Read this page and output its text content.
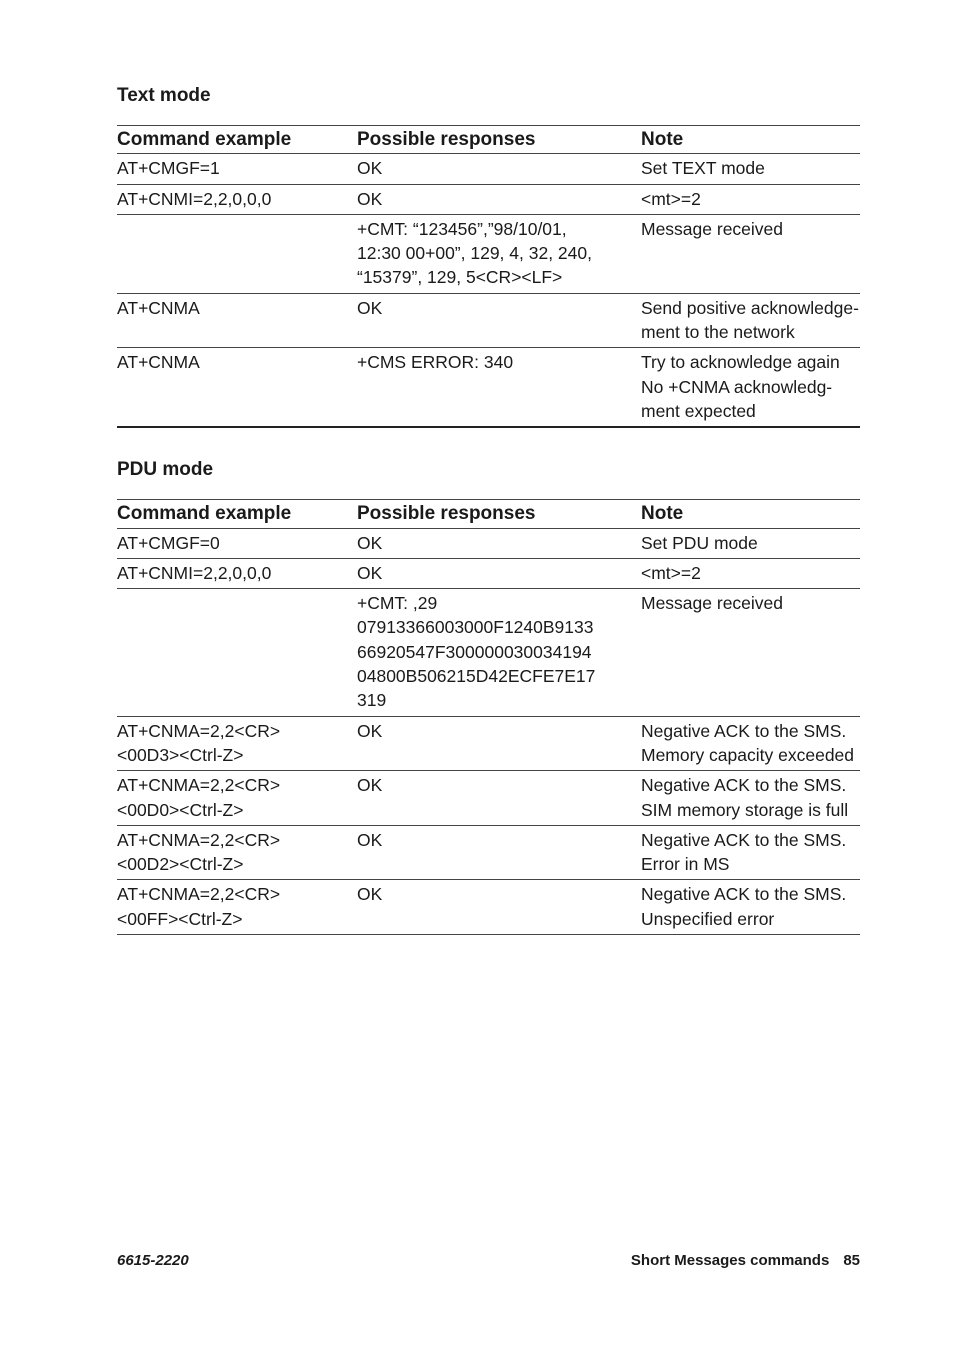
Text mode
Command example	Possible responses	Note
AT+CMGF=1	OK	Set TEXT mode
AT+CNMI=2,2,0,0,0	OK	<mt>=2
	+CMT: “123456”,”98/10/01,
12:30 00+00”, 129, 4, 32, 240,
“15379”, 129, 5<CR><LF>	Message received
AT+CNMA	OK	Send positive acknowledge-
ment to the network
AT+CNMA	+CMS ERROR: 340	Try to acknowledge again
No +CNMA acknowledg-
ment expected
PDU mode
Command example	Possible responses	Note
AT+CMGF=0	OK	Set PDU mode
AT+CNMI=2,2,0,0,0	OK	<mt>=2
	+CMT: ,29
07913366003000F1240B9133
66920547F300000030034194
04800B506215D42ECFE7E17
319	Message received
AT+CNMA=2,2<CR>
<00D3><Ctrl-Z>	OK	Negative ACK to the SMS.
Memory capacity exceeded
AT+CNMA=2,2<CR>
<00D0><Ctrl-Z>	OK	Negative ACK to the SMS.
SIM memory storage is full
AT+CNMA=2,2<CR>
<00D2><Ctrl-Z>	OK	Negative ACK to the SMS.
Error in MS
AT+CNMA=2,2<CR>
<00FF><Ctrl-Z>	OK	Negative ACK to the SMS.
Unspecified error
6615-2220	Short Messages commands 85
